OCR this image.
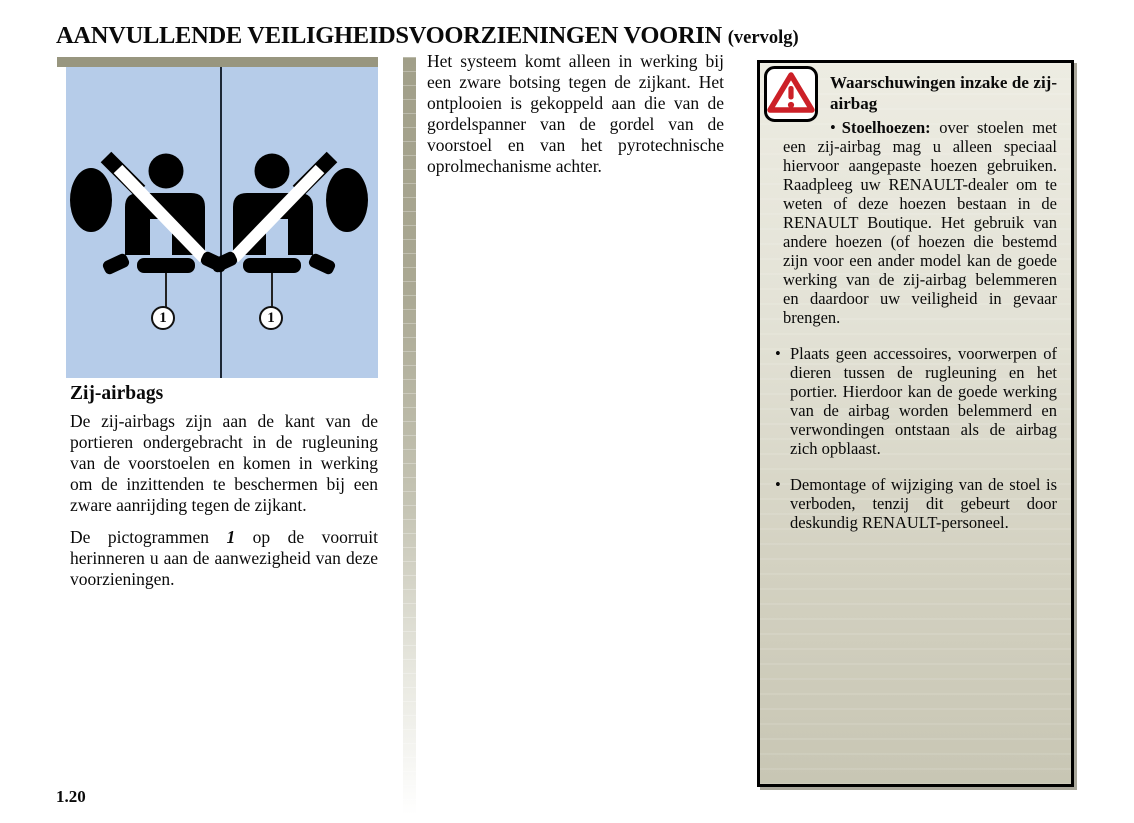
AANVULLENDE VEILIGHEIDSVOORZIENINGEN VOORIN (vervolg)
1	1
Zij-airbags

De zij-airbags zijn aan de kant van de portieren ondergebracht in de rugleuning van de voorstoelen en komen in werking om de inzittenden te beschermen bij een zware aanrijding tegen de zijkant.

De pictogrammen 1 op de voorruit herinneren u aan de aanwezigheid van deze voorzieningen.

Het systeem komt alleen in werking bij een zware botsing tegen de zijkant. Het ontplooien is gekoppeld aan die van de gordelspanner van de gordel van de voorstoel en van het pyrotechnische oprolmechanisme achter.

Waarschuwingen inzake de zij-airbag

• Stoelhoezen: over stoelen met een zij-airbag mag u alleen speciaal hiervoor aangepaste hoezen gebruiken. Raadpleeg uw RENAULT-dealer om te weten of deze hoezen bestaan in de RENAULT Boutique. Het gebruik van andere hoezen (of hoezen die bestemd zijn voor een ander model kan de goede werking van de zij-airbag belemmeren en daardoor uw veiligheid in gevaar brengen.

• Plaats geen accessoires, voorwerpen of dieren tussen de rugleuning en het portier. Hierdoor kan de goede werking van de airbag worden belemmerd en verwondingen ontstaan als de airbag zich opblaast.

• Demontage of wijziging van de stoel is verboden, tenzij dit gebeurt door deskundig RENAULT-personeel.

1.20
